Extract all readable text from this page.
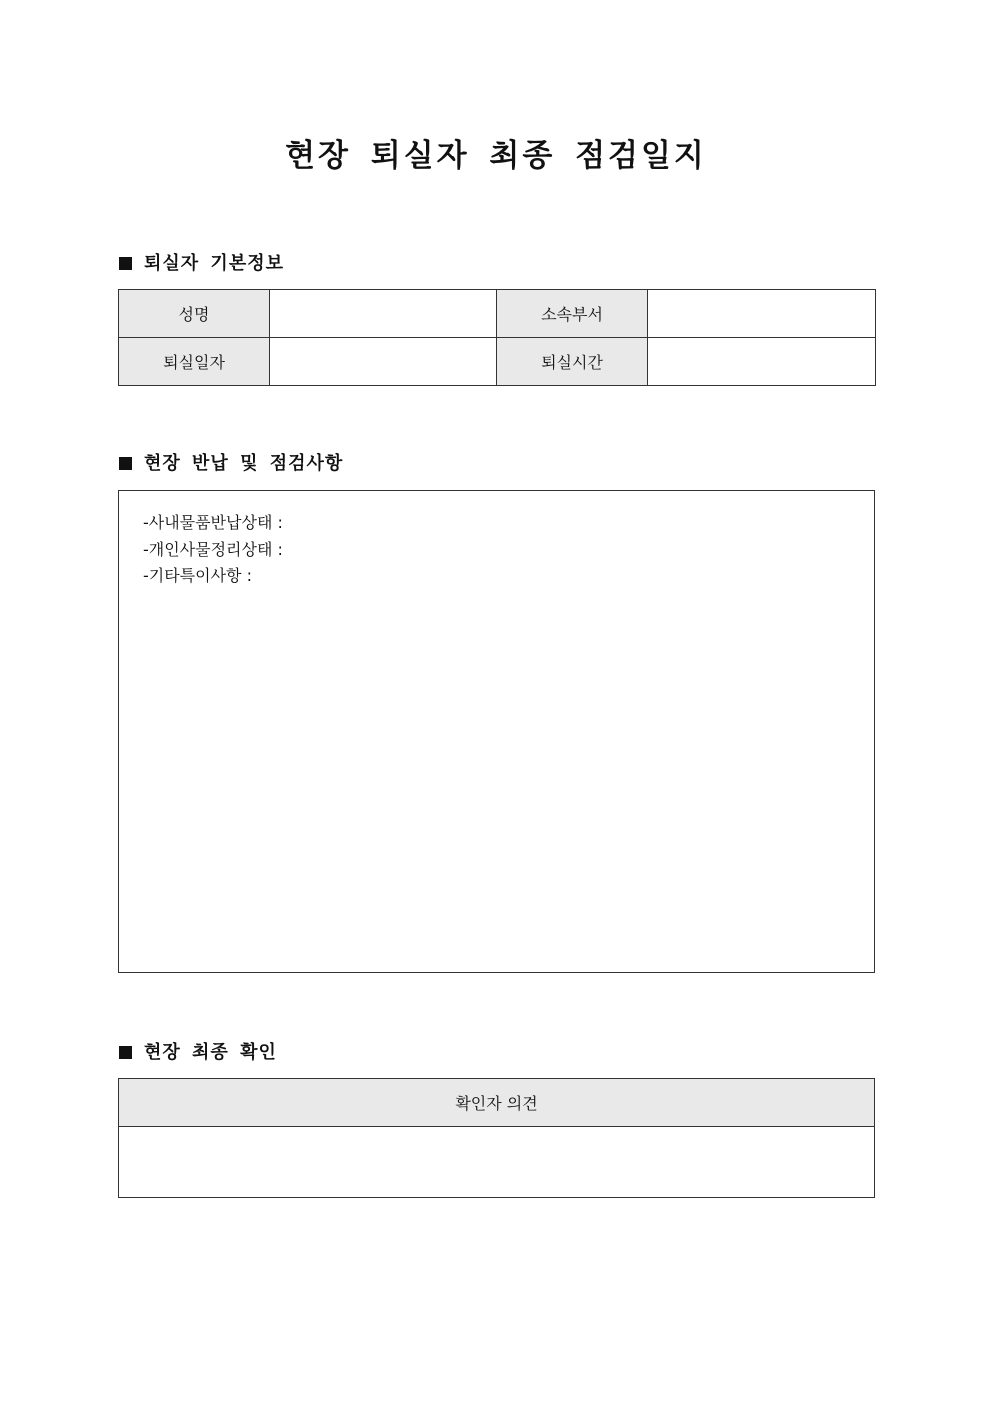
현장 퇴실자 최종 점검일지
퇴실자 기본정보
성명		소속부서	
퇴실일자		퇴실시간	
현장 반납 및 점검사항
-사내물품반납상태 :
-개인사물정리상태 :
-기타특이사항 :
현장 최종 확인
확인자 의견
